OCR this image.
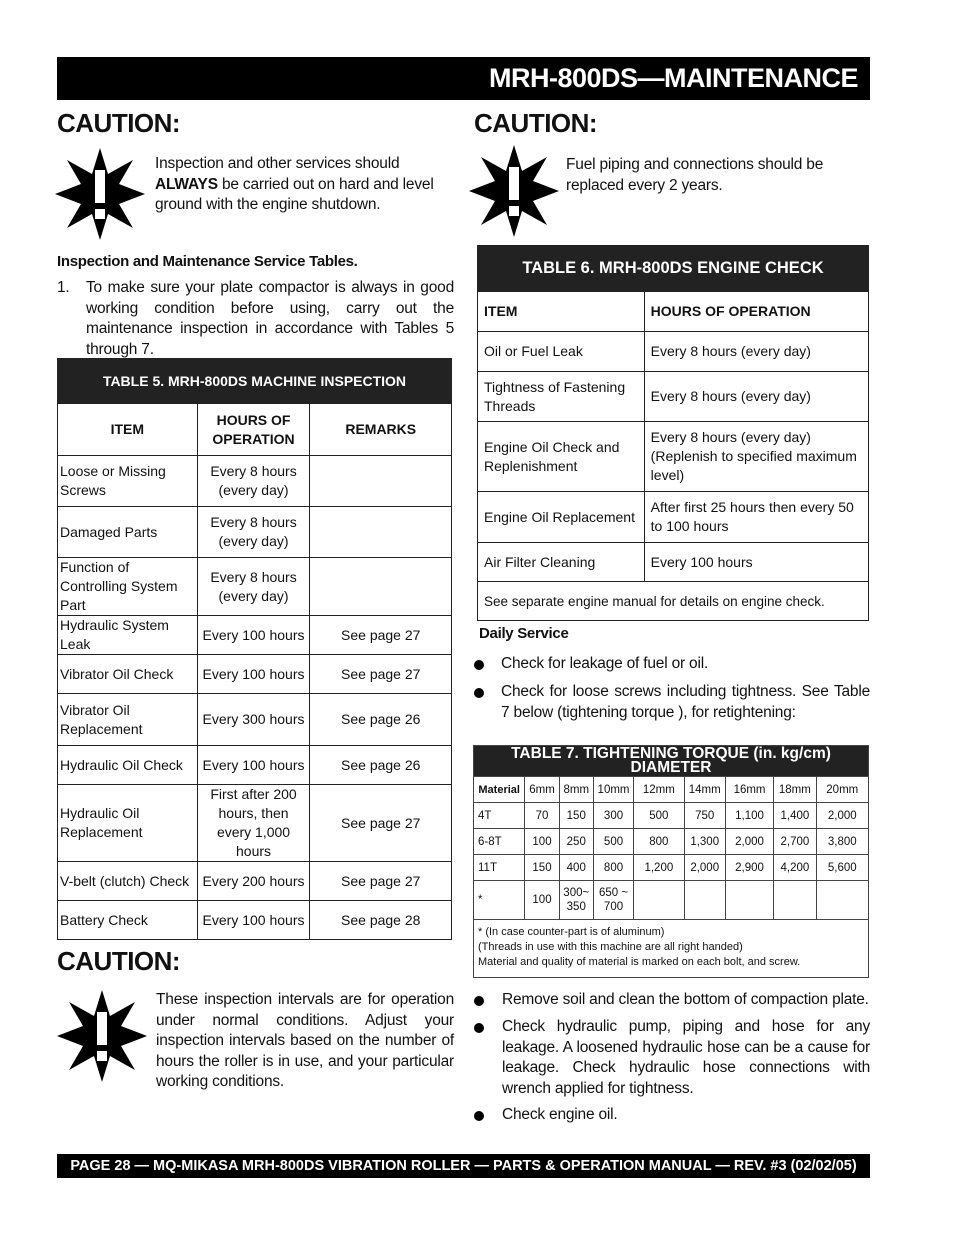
MRH-800DS—MAINTENANCE
CAUTION:
Inspection and other services should ALWAYS be carried out on hard and level ground with the engine shutdown.
Inspection and Maintenance Service Tables.
1.	To make sure your plate compactor is always in good working condition before using, carry out the maintenance inspection in accordance with Tables 5 through 7.
TABLE 5. MRH-800DS MACHINE INSPECTION		
ITEM	HOURS OF OPERATION	REMARKS
Loose or Missing Screws	Every 8 hours (every day)	
Damaged Parts	Every 8 hours (every day)	
Function of Controlling System Part	Every 8 hours (every day)	
Hydraulic System Leak	Every 100 hours	See page 27
Vibrator Oil Check	Every 100 hours	See page 27
Vibrator Oil Replacement	Every 300 hours	See page 26
Hydraulic Oil Check	Every 100 hours	See page 26
Hydraulic Oil Replacement	First after 200 hours, then every 1,000 hours	See page 27
V-belt (clutch) Check	Every 200 hours	See page 27
Battery Check	Every 100 hours	See page 28
CAUTION:
These inspection intervals are for operation under normal conditions. Adjust your inspection intervals based on the number of hours the roller is in use, and your particular working conditions.
CAUTION:
Fuel piping and connections should be replaced every 2 years.
TABLE 6. MRH-800DS ENGINE CHECK	
ITEM	HOURS OF OPERATION
Oil or Fuel Leak	Every 8 hours (every day)
Tightness of Fastening Threads	Every 8 hours (every day)
Engine Oil Check and Replenishment	Every 8 hours (every day) (Replenish to specified maximum level)
Engine Oil Replacement	After first 25 hours then every 50 to 100 hours
Air Filter Cleaning	Every 100 hours
See separate engine manual for details on engine check.	
Daily Service
Check for leakage of fuel or oil.
Check for loose screws including tightness. See Table 7 below (tightening torque ), for retightening:
TABLE 7. TIGHTENING TORQUE (in. kg/cm) DIAMETER								
Material	6mm	8mm	10mm	12mm	14mm	16mm	18mm	20mm
4T	70	150	300	500	750	1,100	1,400	2,000
6-8T	100	250	500	800	1,300	2,000	2,700	3,800
11T	150	400	800	1,200	2,000	2,900	4,200	5,600
*	100	300~ 350	650 ~ 700					

* (In case counter-part is of aluminum)
(Threads in use with this machine are all right handed)
Material and quality of material is marked on each bolt, and screw.								
Remove soil and clean the bottom of compaction plate.
Check hydraulic pump, piping and hose for any leakage. A loosened hydraulic hose can be a cause for leakage. Check hydraulic hose connections with wrench applied for tightness.
Check engine oil.
PAGE 28 — MQ-MIKASA MRH-800DS VIBRATION ROLLER — PARTS & OPERATION MANUAL — REV. #3 (02/02/05)
